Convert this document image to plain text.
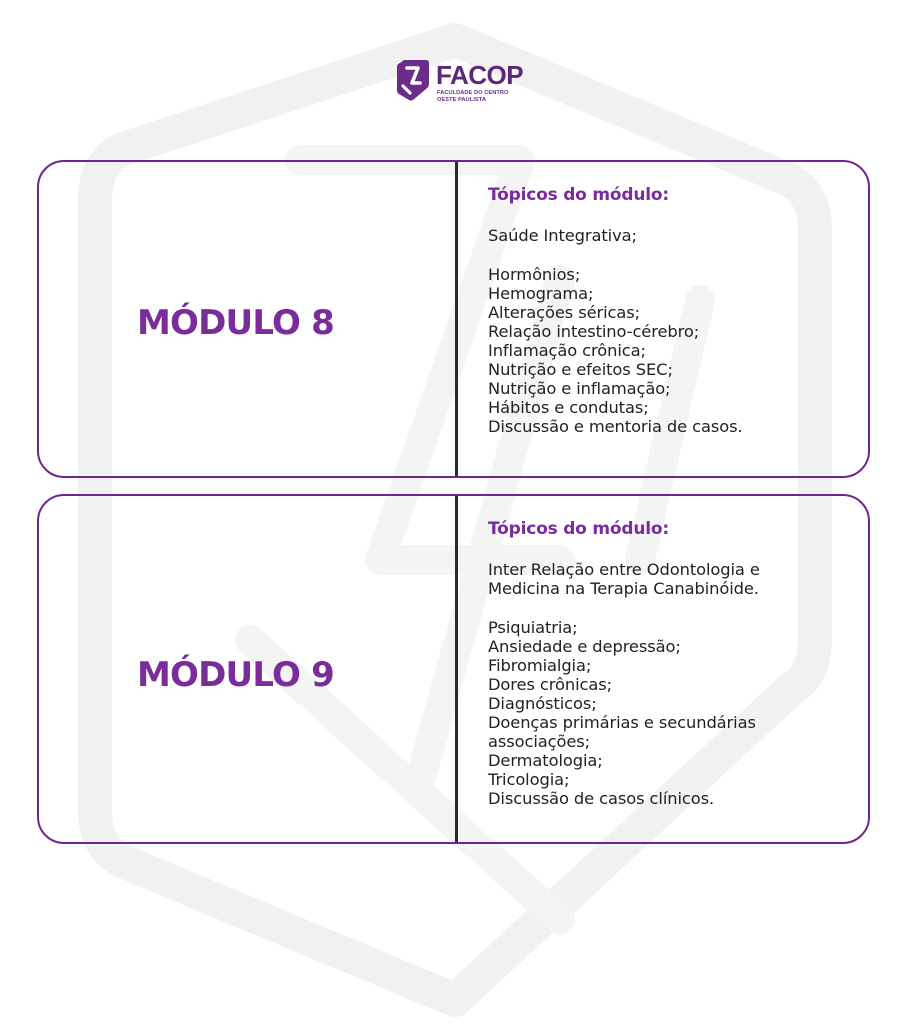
FACOP
FACULDADE DO CENTRO
OESTE PAULISTA
MÓDULO 8
Tópicos do módulo:
Saúde Integrativa;
Hormônios;
Hemograma;
Alterações séricas;
Relação intestino-cérebro;
Inflamação crônica;
Nutrição e efeitos SEC;
Nutrição e inflamação;
Hábitos e condutas;
Discussão e mentoria de casos.
MÓDULO 9
Tópicos do módulo:
Inter Relação entre Odontologia e
Medicina na Terapia Canabinóide.
Psiquiatria;
Ansiedade e depressão;
Fibromialgia;
Dores crônicas;
Diagnósticos;
Doenças primárias e secundárias
associações;
Dermatologia;
Tricologia;
Discussão de casos clínicos.
